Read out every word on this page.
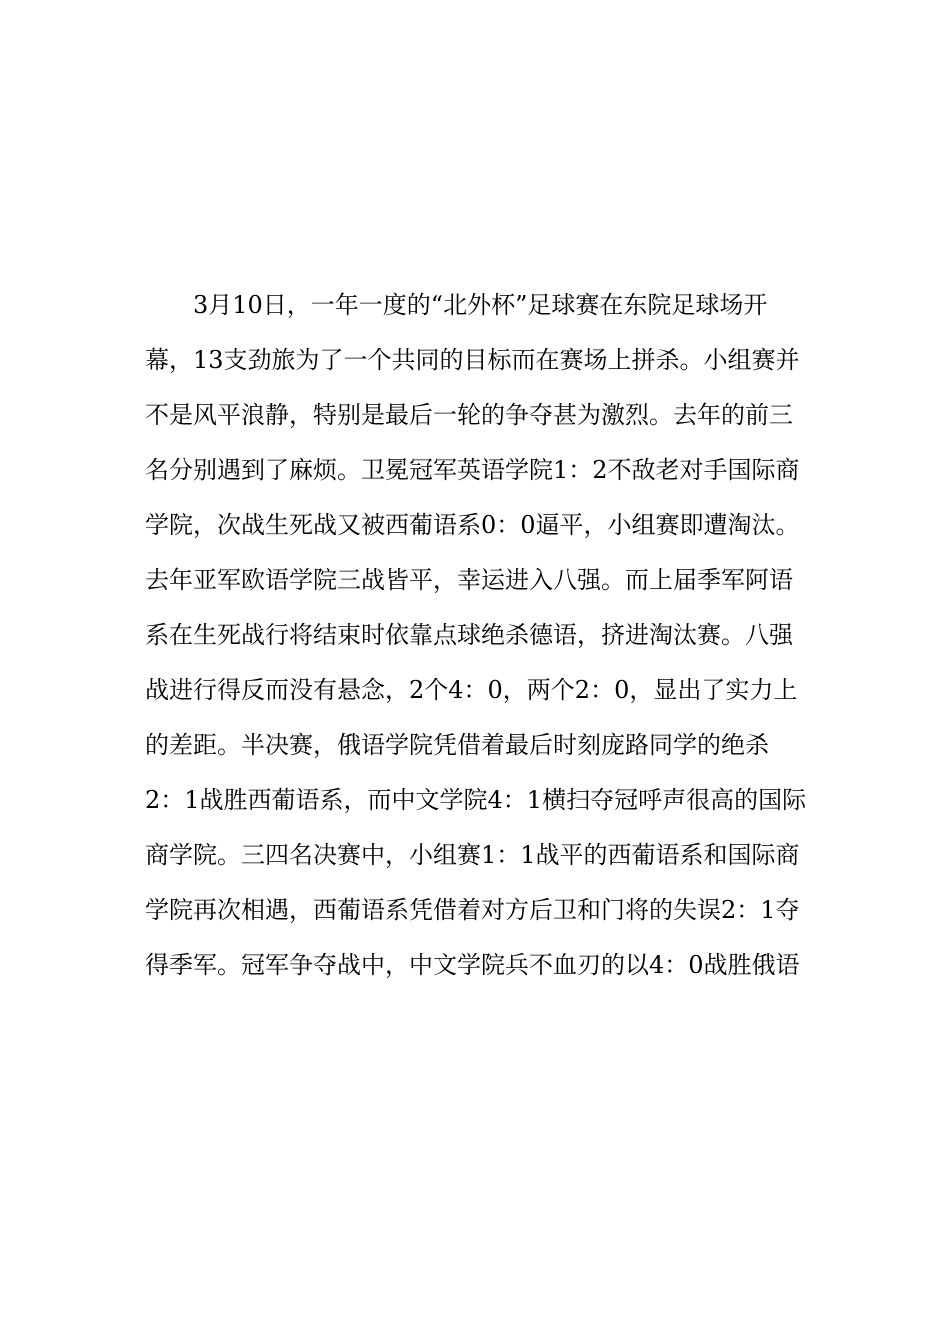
3月10日，一年一度的“北外杯”足球赛在东院足球场开
幕，13支劲旅为了一个共同的目标而在赛场上拼杀。小组赛并
不是风平浪静，特别是最后一轮的争夺甚为激烈。去年的前三
名分别遇到了麻烦。卫冕冠军英语学院1：2不敌老对手国际商
学院，次战生死战又被西葡语系0：0逼平，小组赛即遭淘汰。
去年亚军欧语学院三战皆平，幸运进入八强。而上届季军阿语
系在生死战行将结束时依靠点球绝杀德语，挤进淘汰赛。八强
战进行得反而没有悬念，2个4：0，两个2：0，显出了实力上
的差距。半决赛，俄语学院凭借着最后时刻庞路同学的绝杀
2：1战胜西葡语系，而中文学院4：1横扫夺冠呼声很高的国际
商学院。三四名决赛中，小组赛1：1战平的西葡语系和国际商
学院再次相遇，西葡语系凭借着对方后卫和门将的失误2：1夺
得季军。冠军争夺战中，中文学院兵不血刃的以4：0战胜俄语
